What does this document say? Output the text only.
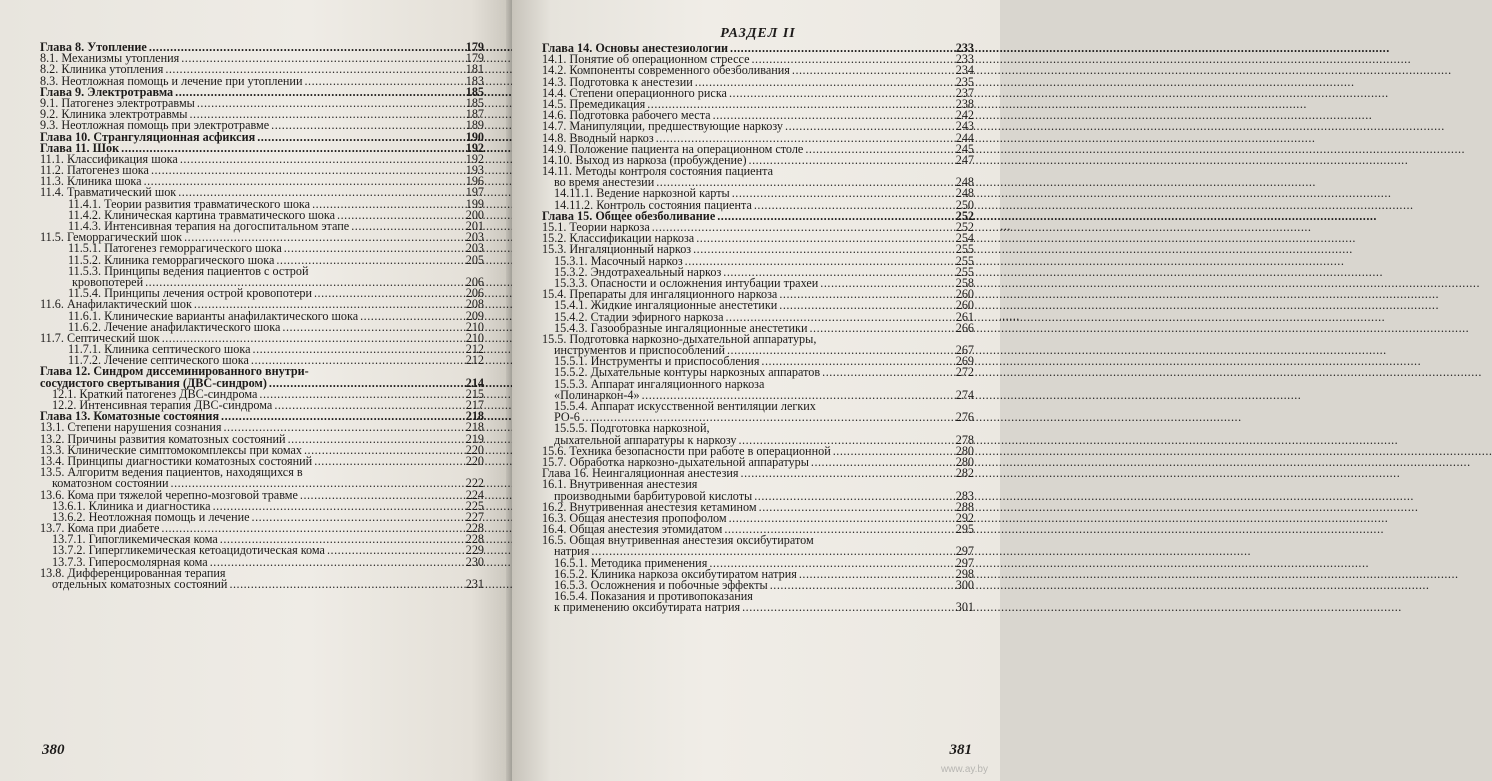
Глава 8. Утопление .....	179
8.1. Механизмы утопления .....	179
8.2. Клиника утопления .....	181
8.3. Неотложная помощь и лечение при утоплении .....	183
Глава 9. Электротравма .....	185
9.1. Патогенез электротравмы .....	185
9.2. Клиника электротравмы .....	187
9.3. Неотложная помощь при электротравме .....	189
Глава 10. Странгуляционная асфиксия .....	190
Глава 11. Шок .....	192
11.1. Классификация шока .....	192
11.2. Патогенез шока .....	193
11.3. Клиника шока .....	196
11.4. Травматический шок .....	197
11.4.1. Теории развития травматического шока .....	199
11.4.2. Клиническая картина травматического шока .....	200
11.4.3. Интенсивная терапия на догоспитальном этапе .....	201
11.5. Геморрагический шок .....	203
11.5.1. Патогенез геморрагического шока .....	203
11.5.2. Клиника геморрагического шока .....	205
11.5.3. Принципы ведения пациентов с острой
кровопотерей .....	206
11.5.4. Принципы лечения острой кровопотери .....	206
11.6. Анафилактический шок .....	208
11.6.1. Клинические варианты анафилактического шока .....	209
11.6.2. Лечение анафилактического шока .....	210
11.7. Септический шок .....	210
11.7.1. Клиника септического шока .....	212
11.7.2. Лечение септического шока .....	212
Глава 12. Синдром диссеминированного внутри-
сосудистого свертывания (ДВС-синдром) .....	214
12.1. Краткий патогенез ДВС-синдрома .....	215
12.2. Интенсивная терапия ДВС-синдрома .....	217
Глава 13. Коматозные состояния .....	218
13.1. Степени нарушения сознания .....	218
13.2. Причины развития коматозных состояний .....	219
13.3. Клинические симптомокомплексы при комах .....	220
13.4. Принципы диагностики коматозных состояний .....	220
13.5. Алгоритм ведения пациентов, находящихся в
коматозном состоянии .....	222
13.6. Кома при тяжелой черепно-мозговой травме .....	224
13.6.1. Клиника и диагностика .....	225
13.6.2. Неотложная помощь и лечение .....	227
13.7. Кома при диабете .....	228
13.7.1. Гипогликемическая кома .....	228
13.7.2. Гипергликемическая кетоацидотическая кома .....	229
13.7.3. Гиперосмолярная кома .....	230
13.8. Дифференцированная терапия
отдельных коматозных состояний .....	231
380
РАЗДЕЛ II
Глава 14. Основы анестезиологии .....	233
14.1. Понятие об операционном стрессе .....	233
14.2. Компоненты современного обезболивания .....	234
14.3. Подготовка к анестезии .....	235
14.4. Степени операционного риска .....	237
14.5. Премедикация .....	238
14.6. Подготовка рабочего места .....	242
14.7. Манипуляции, предшествующие наркозу .....	243
14.8. Вводный наркоз .....	244
14.9. Положение пациента на операционном столе .....	245
14.10. Выход из наркоза (пробуждение) .....	247
14.11. Методы контроля состояния пациента
во время анестезии .....	248
14.11.1. Ведение наркозной карты .....	248
14.11.2. Контроль состояния пациента .....	250
Глава 15. Общее обезболивание .....	252
15.1. Теории наркоза .....	252
15.2. Классификации наркоза .....	254
15.3. Ингаляционный наркоз .....	255
15.3.1. Масочный наркоз .....	255
15.3.2. Эндотрахеальный наркоз .....	255
15.3.3. Опасности и осложнения интубации трахеи .....	258
15.4. Препараты для ингаляционного наркоза .....	260
15.4.1. Жидкие ингаляционные анестетики .....	260
15.4.2. Стадии эфирного наркоза .....	261
15.4.3. Газообразные ингаляционные анестетики .....	266
15.5. Подготовка наркозно-дыхательной аппаратуры,
инструментов и приспособлений .....	267
15.5.1. Инструменты и приспособления .....	269
15.5.2. Дыхательные контуры наркозных аппаратов .....	272
15.5.3. Аппарат ингаляционного наркоза
«Полинаркон-4» .....	274
15.5.4. Аппарат искусственной вентиляции легких
РО-6 .....	276
15.5.5. Подготовка наркозной,
дыхательной аппаратуры к наркозу .....	278
15.6. Техника безопасности при работе в операционной .....	280
15.7. Обработка наркозно-дыхательной аппаратуры .....	280
Глава 16. Неингаляционная анестезия .....	282
16.1. Внутривенная анестезия
производными барбитуровой кислоты .....	283
16.2. Внутривенная анестезия кетамином .....	288
16.3. Общая анестезия пропофолом .....	292
16.4. Общая анестезия этомидатом .....	295
16.5. Общая внутривенная анестезия оксибутиратом
натрия .....	297
16.5.1. Методика применения .....	297
16.5.2. Клиника наркоза оксибутиратом натрия .....	298
16.5.3. Осложнения и побочные эффекты .....	300
16.5.4. Показания и противопоказания
к применению оксибутирата натрия .....	301
381
www.ay.by
